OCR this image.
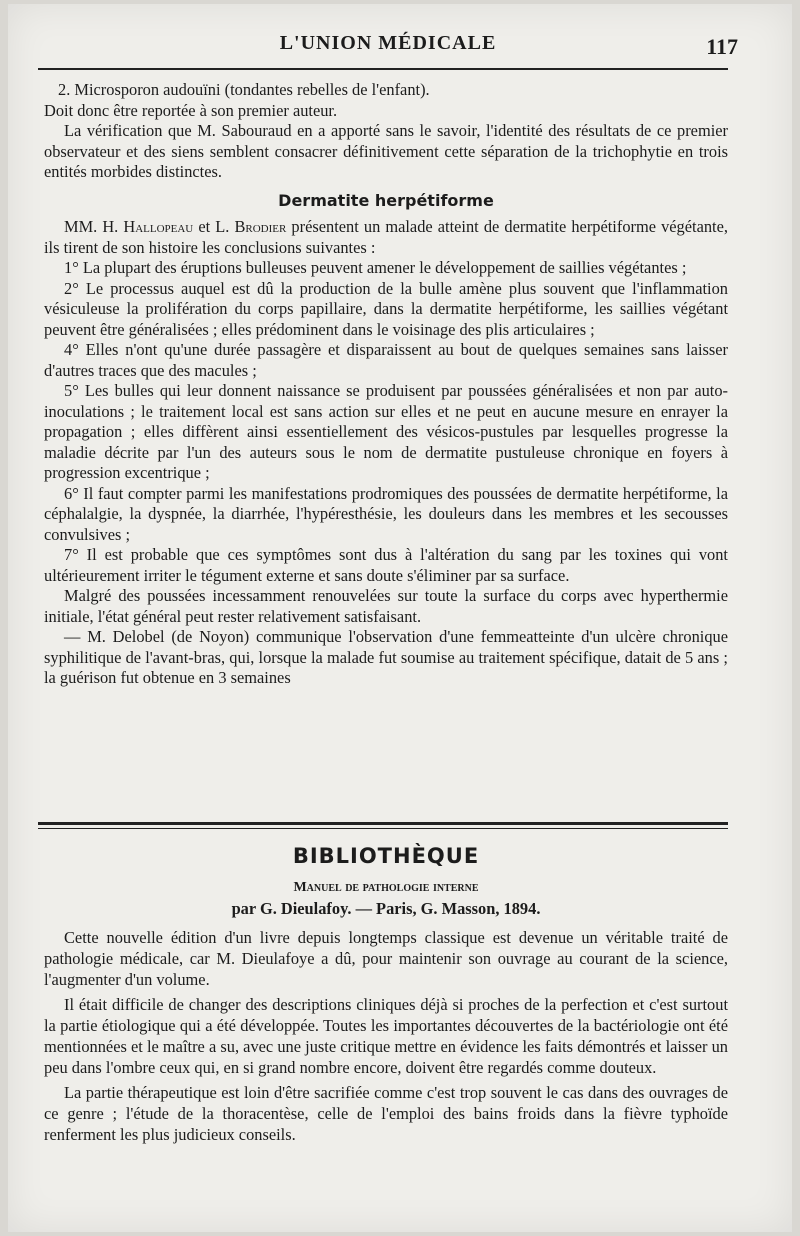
L'UNION MÉDICALE	117

2. Microsporon audouïni (tondantes rebelles de l'enfant).

Doit donc être reportée à son premier auteur.

La vérification que M. Sabouraud en a apporté sans le savoir, l'identité des résultats de ce premier observateur et des siens semblent consacrer définitivement cette séparation de la trichophytie en trois entités morbides distinctes.

Dermatite herpétiforme

MM. H. Hallopeau et L. Brodier présentent un malade atteint de dermatite herpétiforme végétante, ils tirent de son histoire les conclusions suivantes :

1° La plupart des éruptions bulleuses peuvent amener le développement de saillies végétantes ;

2° Le processus auquel est dû la production de la bulle amène plus souvent que l'inflammation vésiculeuse la prolifération du corps papillaire, dans la dermatite herpétiforme, les saillies végétant peuvent être généralisées ; elles prédominent dans le voisinage des plis articulaires ;

4° Elles n'ont qu'une durée passagère et disparaissent au bout de quelques semaines sans laisser d'autres traces que des macules ;

5° Les bulles qui leur donnent naissance se produisent par poussées généralisées et non par auto-inoculations ; le traitement local est sans action sur elles et ne peut en aucune mesure en enrayer la propagation ; elles diffèrent ainsi essentiellement des vésicos-pustules par lesquelles progresse la maladie décrite par l'un des auteurs sous le nom de dermatite pustuleuse chronique en foyers à progression excentrique ;

6° Il faut compter parmi les manifestations prodromiques des poussées de dermatite herpétiforme, la céphalalgie, la dyspnée, la diarrhée, l'hypéresthésie, les douleurs dans les membres et les secousses convulsives ;

7° Il est probable que ces symptômes sont dus à l'altération du sang par les toxines qui vont ultérieurement irriter le tégument externe et sans doute s'éliminer par sa surface.

Malgré des poussées incessamment renouvelées sur toute la surface du corps avec hyperthermie initiale, l'état général peut rester relativement satisfaisant.

— M. Delobel (de Noyon) communique l'observation d'une femmeatteinte d'un ulcère chronique syphilitique de l'avant-bras, qui, lorsque la malade fut soumise au traitement spécifique, datait de 5 ans ; la guérison fut obtenue en 3 semaines

BIBLIOTHÈQUE

Manuel de pathologie interne

par G. Dieulafoy. — Paris, G. Masson, 1894.

Cette nouvelle édition d'un livre depuis longtemps classique est devenue un véritable traité de pathologie médicale, car M. Dieulafoye a dû, pour maintenir son ouvrage au courant de la science, l'augmenter d'un volume.

Il était difficile de changer des descriptions cliniques déjà si proches de la perfection et c'est surtout la partie étiologique qui a été développée. Toutes les importantes découvertes de la bactériologie ont été mentionnées et le maître a su, avec une juste critique mettre en évidence les faits démontrés et laisser un peu dans l'ombre ceux qui, en si grand nombre encore, doivent être regardés comme douteux.

La partie thérapeutique est loin d'être sacrifiée comme c'est trop souvent le cas dans des ouvrages de ce genre ; l'étude de la thoracentèse, celle de l'emploi des bains froids dans la fièvre typhoïde renferment les plus judicieux conseils.
